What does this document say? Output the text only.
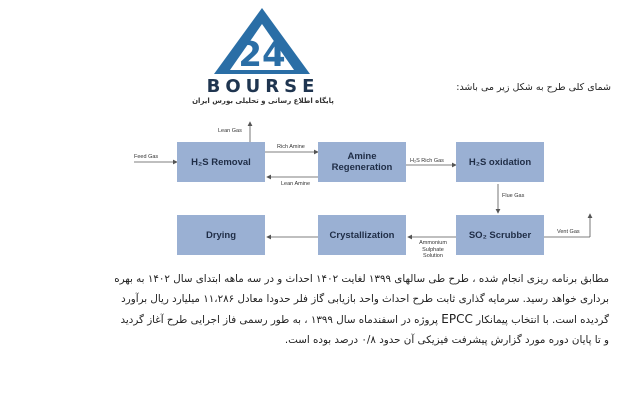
24
BOURSE
پایگاه اطلاع رسانی و تحلیلی بورس ایران
شمای کلی طرح به شکل زیر می باشد:
H₂S Removal	Amine Regeneration	H₂S oxidation
SO₂ Scrubber
Crystallization
Drying
Feed Gas
Lean Gas
Rich Amine
Lean Amine
H₂S Rich Gas
Flue Gas
Vent Gas
Ammonium Sulphate Solution

مطابق برنامه ریزی انجام شده ، طرح طی سالهای ۱۳۹۹ لغایت ۱۴۰۲ احداث و در سه ماهه ابتدای سال ۱۴۰۲ به بهره

برداری خواهد رسید. سرمایه گذاری ثابت طرح احداث واحد بازیابی گاز فلر حدودا معادل ۱۱،۲۸۶ میلیارد ریال برآورد

گردیده است. با انتخاب پیمانکار EPCC پروژه در اسفندماه سال ۱۳۹۹ ، به طور رسمی فاز اجرایی طرح آغاز گردید

و تا پایان دوره مورد گزارش پیشرفت فیزیکی آن حدود ۰/۸ درصد بوده است.
